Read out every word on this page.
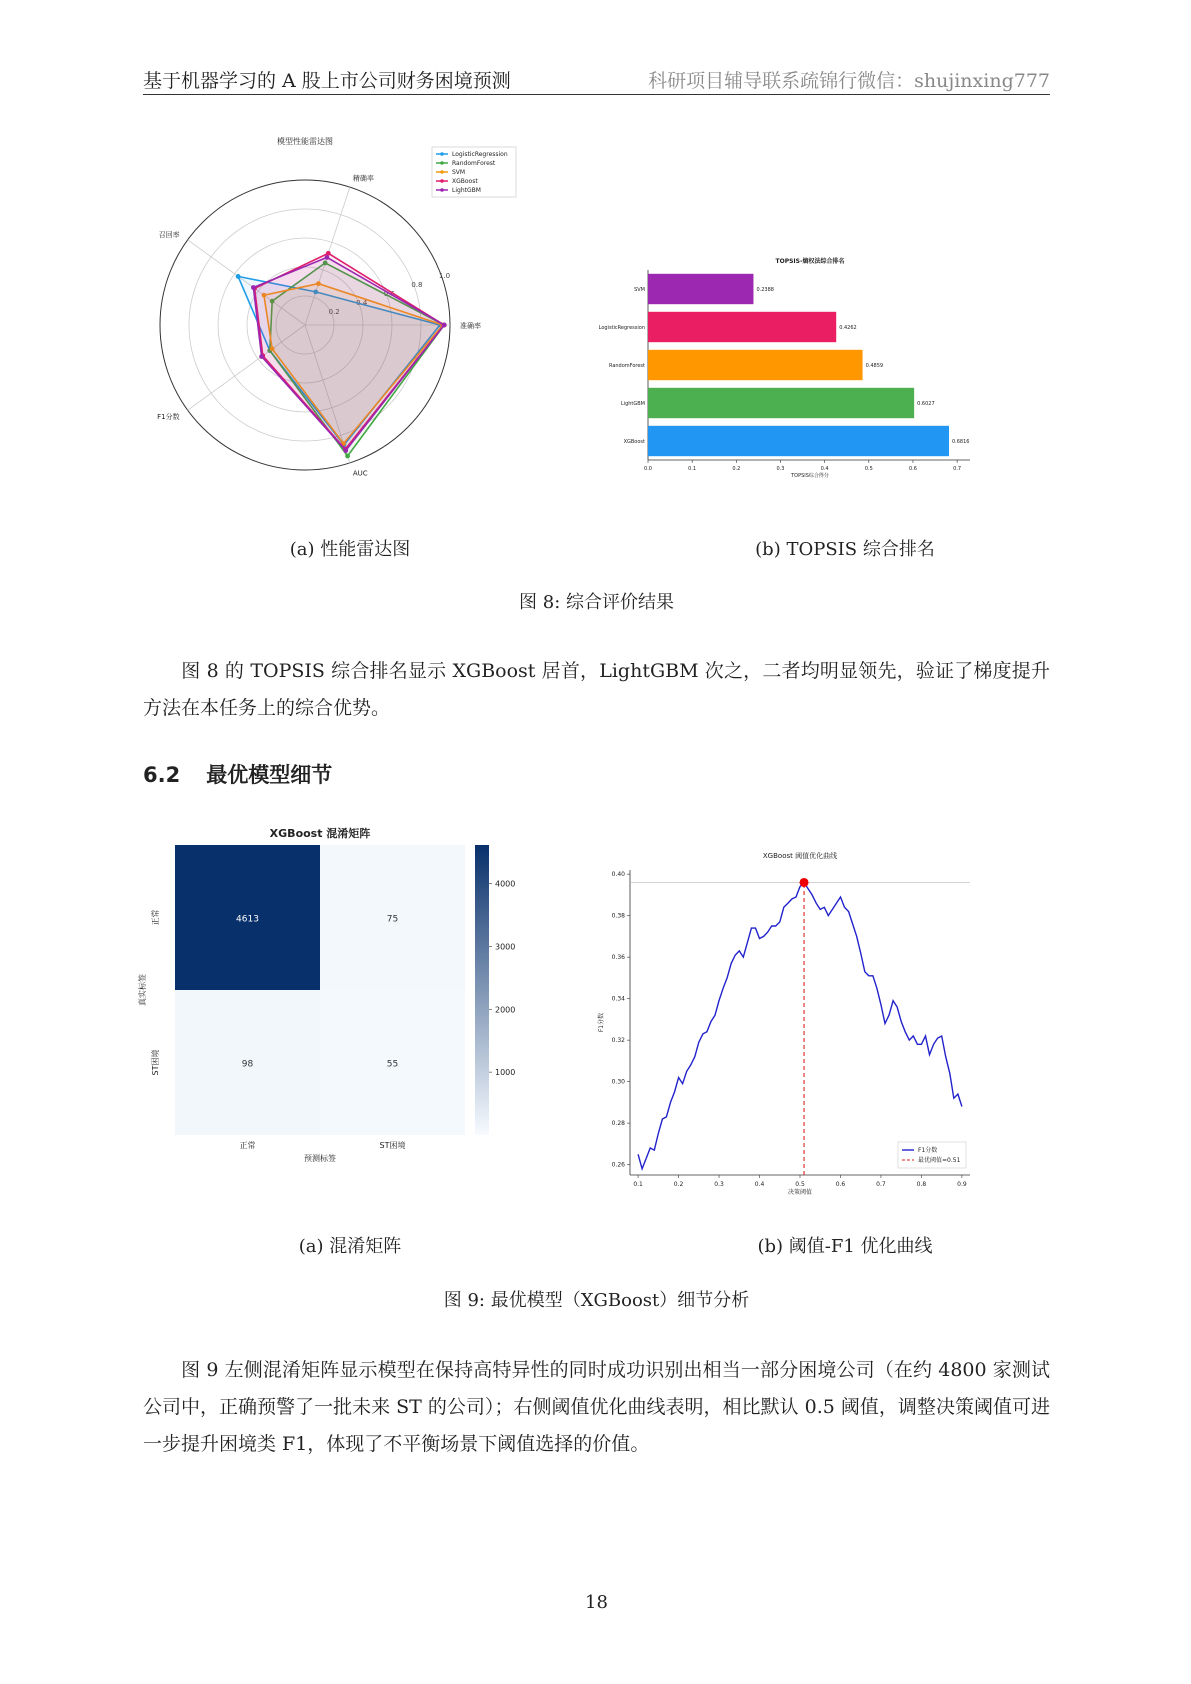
基于机器学习的 A 股上市公司财务困境预测	科研项目辅导联系疏锦行微信：shujinxing777
模型性能雷达图
准确率
精确率
召回率
F1分数
AUC
0.2
0.4
0.6
0.8
1.0
LogisticRegression
RandomForest
SVM
XGBoost
LightGBM
(a) 性能雷达图
TOPSIS-熵权法综合排名
SVM	0.2388
LogisticRegression	0.4262
RandomForest	0.4859
LightGBM	0.6027
XGBoost	0.6816
0.0	0.1	0.2	0.3	0.4	0.5	0.6	0.7
TOPSIS综合得分
(b) TOPSIS 综合排名
图 8: 综合评价结果
图 8 的 TOPSIS 综合排名显示 XGBoost 居首，LightGBM 次之，二者均明显领先，验证了梯度提升方法在本任务上的综合优势。
6.2 最优模型细节
XGBoost 混淆矩阵
4613	75
98	55
正常	ST困境
正常
ST困境
预测标签
真实标签
1000
2000
3000
4000
(a) 混淆矩阵
XGBoost 阈值优化曲线
0.1	0.2	0.3	0.4	0.5	0.6	0.7	0.8	0.9
0.26
0.28
0.30
0.32
0.34
0.36
0.38
0.40
决策阈值
F1分数
F1分数
最优阈值=0.51
(b) 阈值-F1 优化曲线
图 9: 最优模型（XGBoost）细节分析
图 9 左侧混淆矩阵显示模型在保持高特异性的同时成功识别出相当一部分困境公司（在约 4800 家测试公司中，正确预警了一批未来 ST 的公司）；右侧阈值优化曲线表明，相比默认 0.5 阈值，调整决策阈值可进一步提升困境类 F1，体现了不平衡场景下阈值选择的价值。
18
